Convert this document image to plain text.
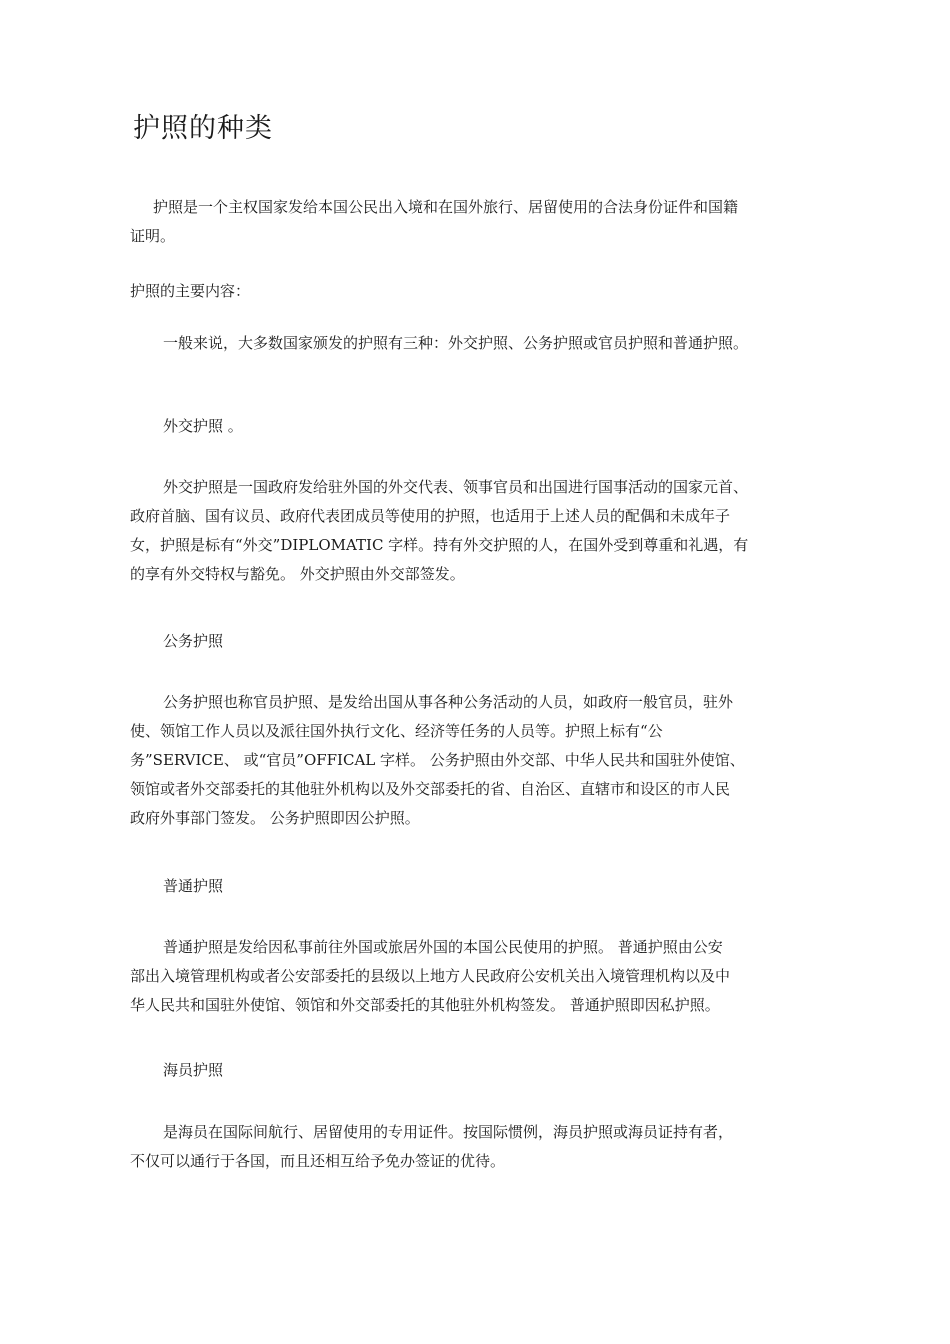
护照的种类
护照是一个主权国家发给本国公民出入境和在国外旅行、居留使用的合法身份证件和国籍
证明。
护照的主要内容：
一般来说，大多数国家颁发的护照有三种：外交护照、公务护照或官员护照和普通护照。
外交护照 。
外交护照是一国政府发给驻外国的外交代表、领事官员和出国进行国事活动的国家元首、
政府首脑、国有议员、政府代表团成员等使用的护照，也适用于上述人员的配偶和未成年子
女，护照是标有“外交”DIPLOMATIC 字样。持有外交护照的人，在国外受到尊重和礼遇，有
的享有外交特权与豁免。 外交护照由外交部签发。
公务护照
公务护照也称官员护照、是发给出国从事各种公务活动的人员，如政府一般官员，驻外
使、领馆工作人员以及派往国外执行文化、经济等任务的人员等。护照上标有“公
务”SERVICE、 或“官员”OFFICAL 字样。 公务护照由外交部、中华人民共和国驻外使馆、
领馆或者外交部委托的其他驻外机构以及外交部委托的省、自治区、直辖市和设区的市人民
政府外事部门签发。 公务护照即因公护照。
普通护照
普通护照是发给因私事前往外国或旅居外国的本国公民使用的护照。 普通护照由公安
部出入境管理机构或者公安部委托的县级以上地方人民政府公安机关出入境管理机构以及中
华人民共和国驻外使馆、领馆和外交部委托的其他驻外机构签发。 普通护照即因私护照。
海员护照
是海员在国际间航行、居留使用的专用证件。按国际惯例，海员护照或海员证持有者，
不仅可以通行于各国，而且还相互给予免办签证的优待。
